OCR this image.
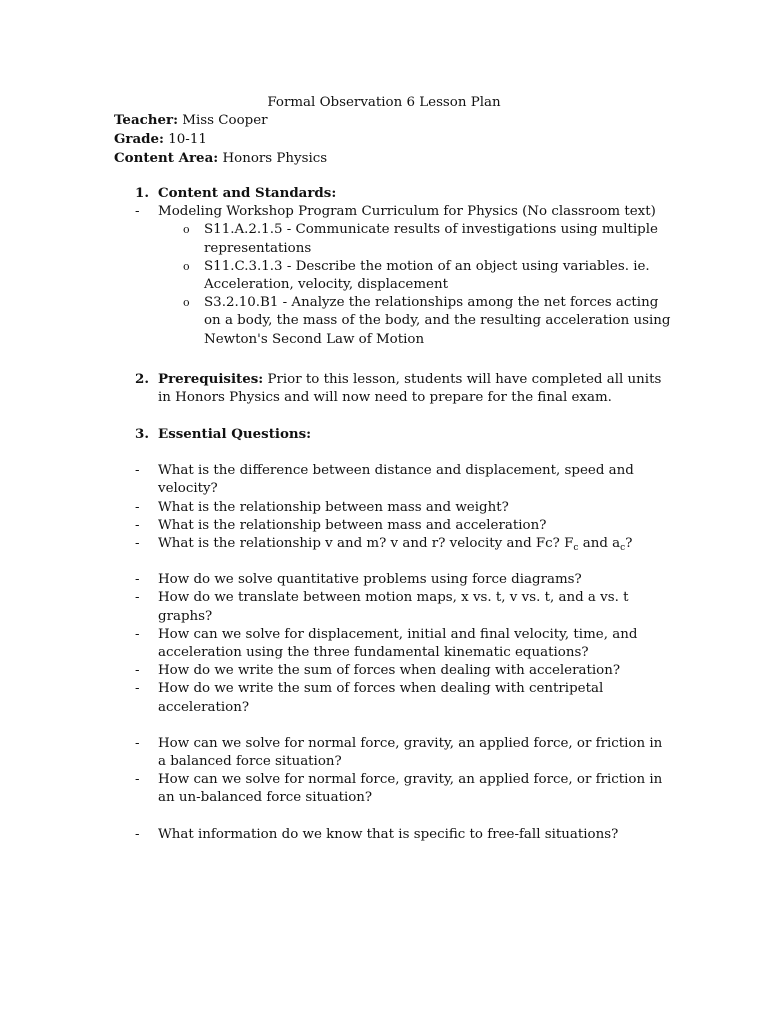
Formal Observation 6 Lesson Plan
Teacher: Miss Cooper
Grade: 10-11
Content Area: Honors Physics
1. Content and Standards:
- Modeling Workshop Program Curriculum for Physics (No classroom text)
o S11.A.2.1.5 - Communicate results of investigations using multiple representations
o S11.C.3.1.3 - Describe the motion of an object using variables. ie. Acceleration, velocity, displacement
o S3.2.10.B1 - Analyze the relationships among the net forces acting on a body, the mass of the body, and the resulting acceleration using Newton's Second Law of Motion
2. Prerequisites: Prior to this lesson, students will have completed all units in Honors Physics and will now need to prepare for the final exam.
3. Essential Questions:
- What is the difference between distance and displacement, speed and velocity?
- What is the relationship between mass and weight?
- What is the relationship between mass and acceleration?
- What is the relationship v and m? v and r? velocity and Fc? $F_c$ and $a_c$?
- How do we solve quantitative problems using force diagrams?
- How do we translate between motion maps, x vs. t, v vs. t, and a vs. t graphs?
- How can we solve for displacement, initial and final velocity, time, and acceleration using the three fundamental kinematic equations?
- How do we write the sum of forces when dealing with acceleration?
- How do we write the sum of forces when dealing with centripetal acceleration?
- How can we solve for normal force, gravity, an applied force, or friction in a balanced force situation?
- How can we solve for normal force, gravity, an applied force, or friction in an un-balanced force situation?
- What information do we know that is specific to free-fall situations?
